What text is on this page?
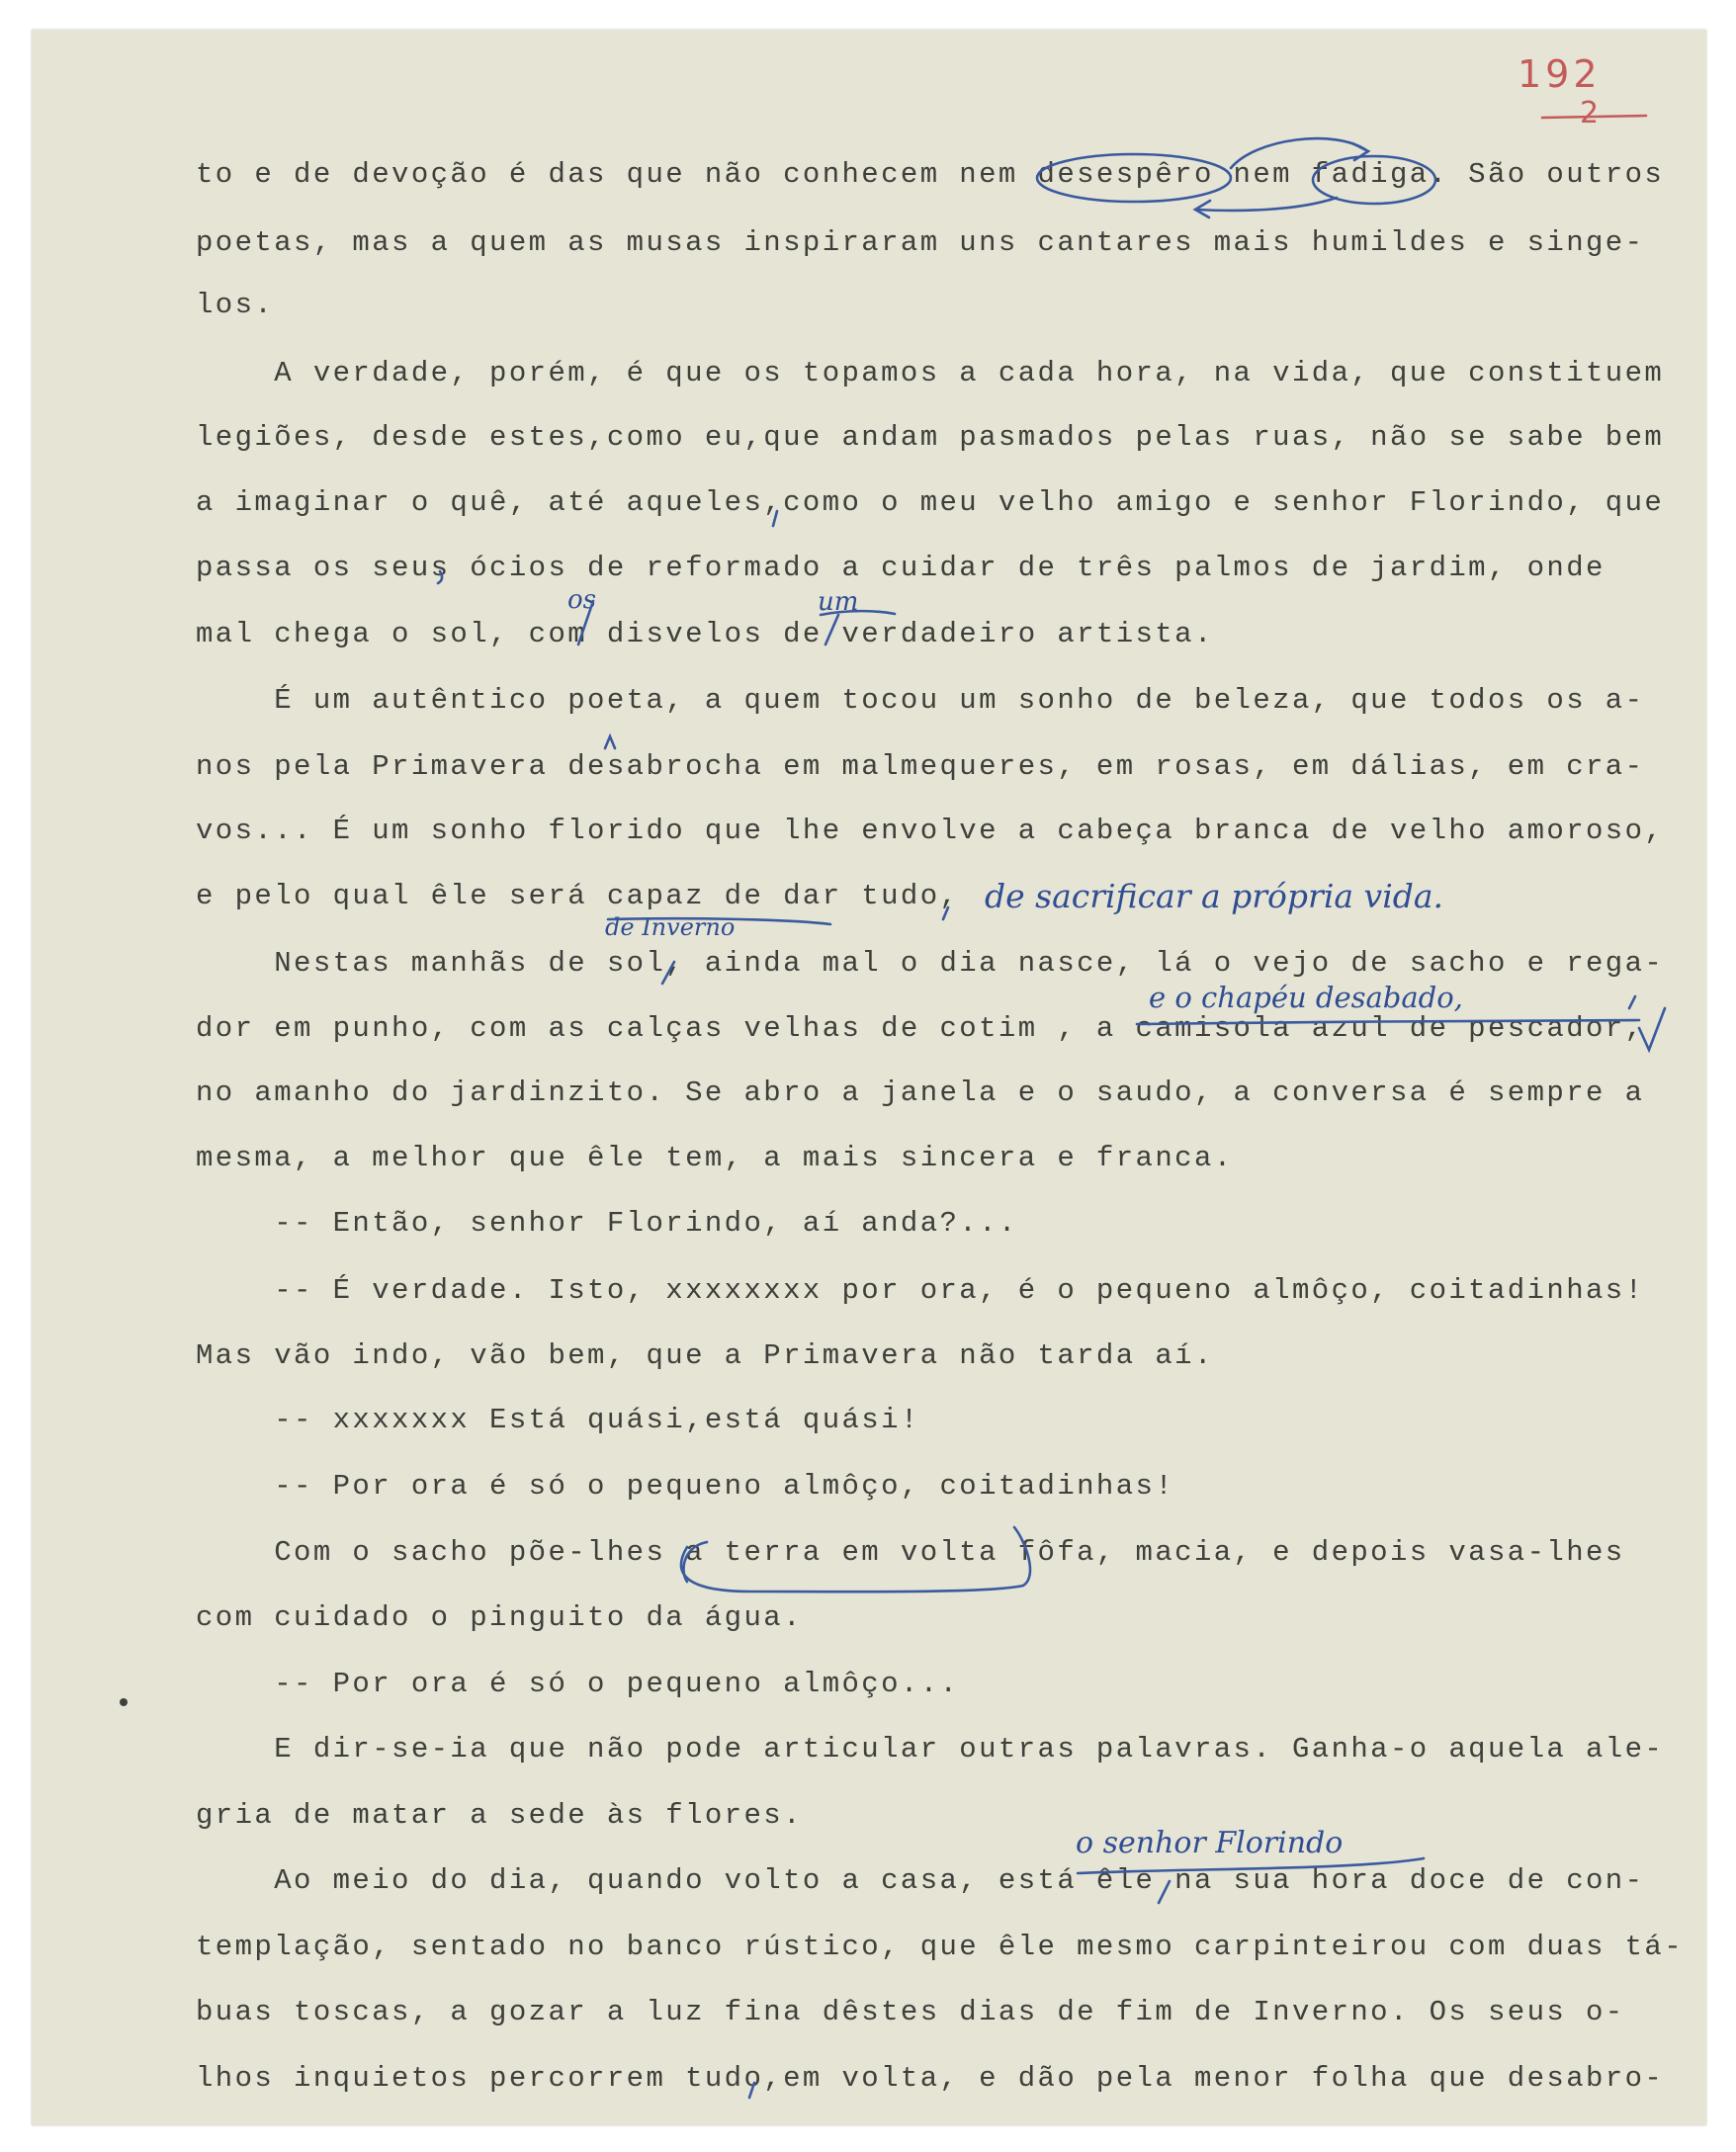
192
2
to e de devoção é das que não conhecem nem desespêro nem fadiga. São outros
poetas, mas a quem as musas inspiraram uns cantares mais humildes e singe-
los.
A verdade, porém, é que os topamos a cada hora, na vida, que constituem
legiões, desde estes,como eu,que andam pasmados pelas ruas, não se sabe bem
a imaginar o quê, até aqueles,como o meu velho amigo e senhor Florindo, que
passa os seus ócios de reformado a cuidar de três palmos de jardim, onde
mal chega o sol, com disvelos de verdadeiro artista.
É um autêntico poeta, a quem tocou um sonho de beleza, que todos os a-
nos pela Primavera desabrocha em malmequeres, em rosas, em dálias, em cra-
vos... É um sonho florido que lhe envolve a cabeça branca de velho amoroso,
e pelo qual êle será capaz de dar tudo,
Nestas manhãs de sol, ainda mal o dia nasce, lá o vejo de sacho e rega-
dor em punho, com as calças velhas de cotim , a camisola azul de pescador,
no amanho do jardinzito. Se abro a janela e o saudo, a conversa é sempre a
mesma, a melhor que êle tem, a mais sincera e franca.
-- Então, senhor Florindo, aí anda?...
-- É verdade. Isto, xxxxxxxx por ora, é o pequeno almôço, coitadinhas!
Mas vão indo, vão bem, que a Primavera não tarda aí.
-- xxxxxxx Está quási,está quási!
-- Por ora é só o pequeno almôço, coitadinhas!
Com o sacho põe-lhes a terra em volta fôfa, macia, e depois vasa-lhes
com cuidado o pinguito da água.
-- Por ora é só o pequeno almôço...
E dir-se-ia que não pode articular outras palavras. Ganha-o aquela ale-
gria de matar a sede às flores.
Ao meio do dia, quando volto a casa, está êle na sua hora doce de con-
templação, sentado no banco rústico, que êle mesmo carpinteirou com duas tá-
buas toscas, a gozar a luz fina dêstes dias de fim de Inverno. Os seus o-
lhos inquietos percorrem tudo,em volta, e dão pela menor folha que desabro-
os	um
de sacrificar a própria vida.
de Inverno
e o chapéu desabado,
o senhor Florindo
